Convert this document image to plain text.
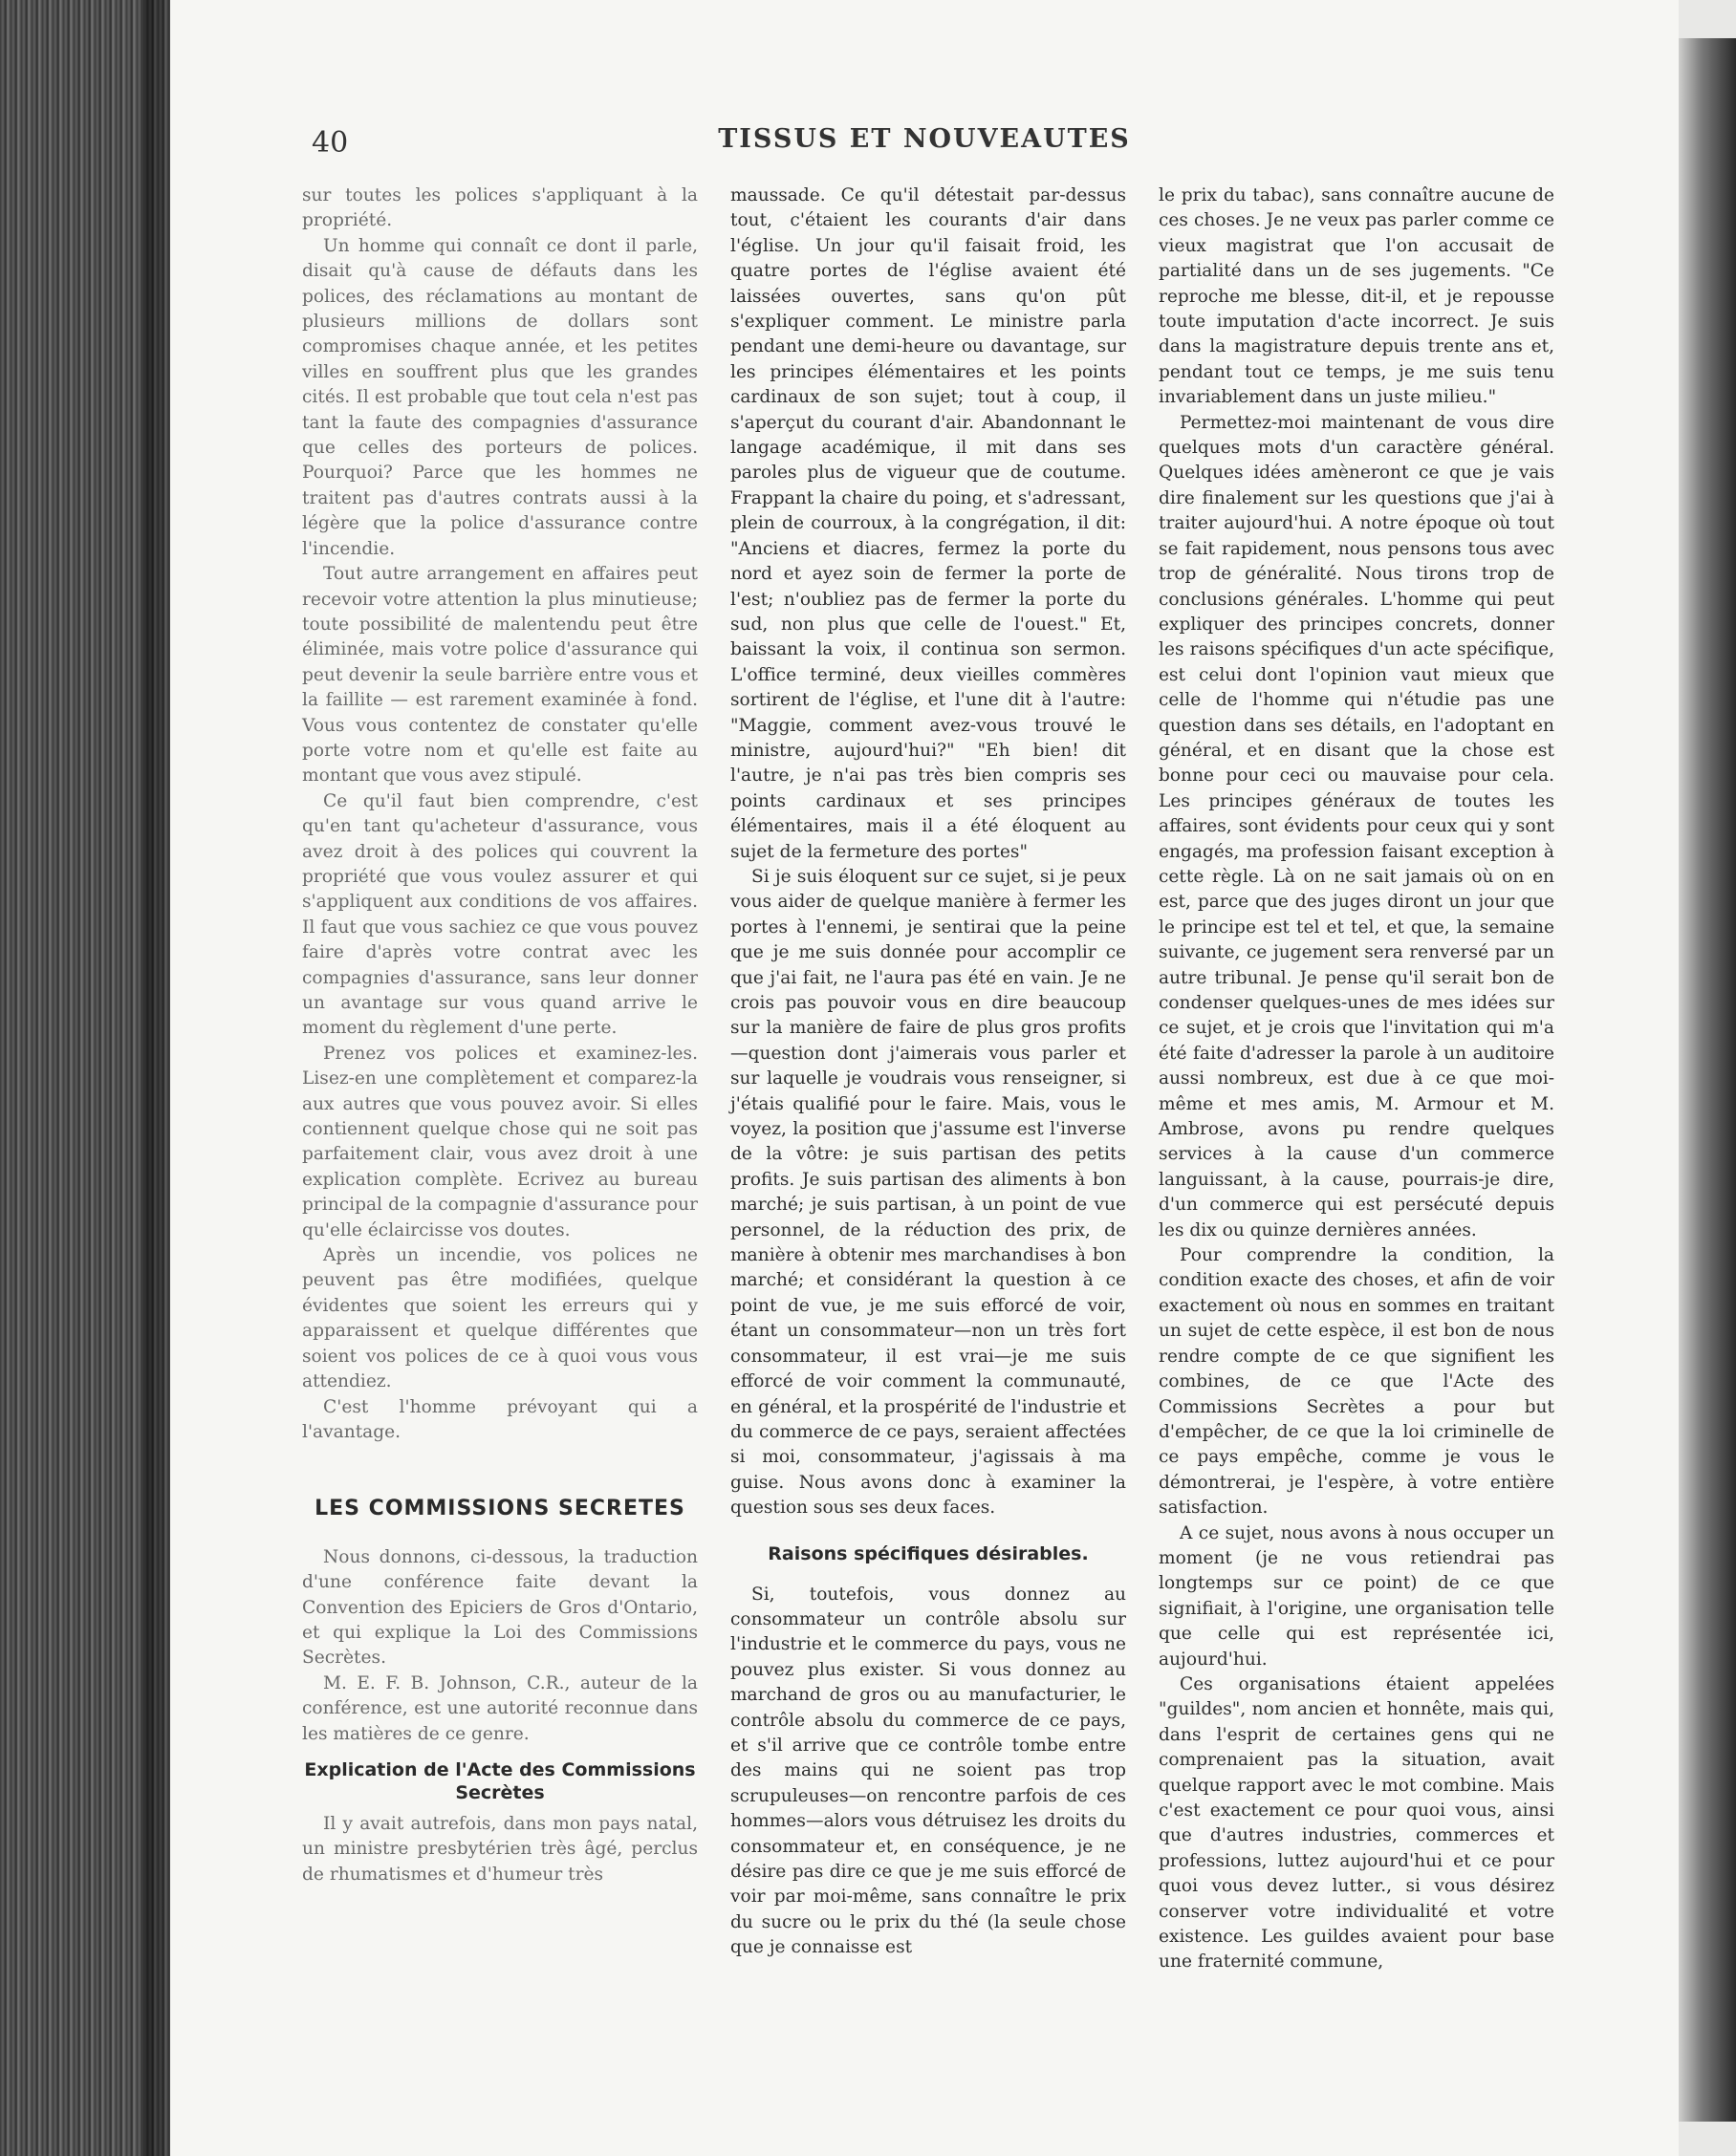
40	TISSUS ET NOUVEAUTES

sur toutes les polices s'appliquant à la propriété.

Un homme qui connaît ce dont il parle, disait qu'à cause de défauts dans les polices, des réclamations au montant de plusieurs millions de dollars sont compromises chaque année, et les petites villes en souffrent plus que les grandes cités. Il est probable que tout cela n'est pas tant la faute des compagnies d'assurance que celles des porteurs de polices. Pourquoi? Parce que les hommes ne traitent pas d'autres contrats aussi à la légère que la police d'assurance contre l'incendie.

Tout autre arrangement en affaires peut recevoir votre attention la plus minutieuse; toute possibilité de malentendu peut être éliminée, mais votre police d'assurance qui peut devenir la seule barrière entre vous et la faillite — est rarement examinée à fond. Vous vous contentez de constater qu'elle porte votre nom et qu'elle est faite au montant que vous avez stipulé.

Ce qu'il faut bien comprendre, c'est qu'en tant qu'acheteur d'assurance, vous avez droit à des polices qui couvrent la propriété que vous voulez assurer et qui s'appliquent aux conditions de vos affaires. Il faut que vous sachiez ce que vous pouvez faire d'après votre contrat avec les compagnies d'assurance, sans leur donner un avantage sur vous quand arrive le moment du règlement d'une perte.

Prenez vos polices et examinez-les. Lisez-en une complètement et comparez-la aux autres que vous pouvez avoir. Si elles contiennent quelque chose qui ne soit pas parfaitement clair, vous avez droit à une explication complète. Ecrivez au bureau principal de la compagnie d'assurance pour qu'elle éclaircisse vos doutes.

Après un incendie, vos polices ne peuvent pas être modifiées, quelque évidentes que soient les erreurs qui y apparaissent et quelque différentes que soient vos polices de ce à quoi vous vous attendiez.

C'est l'homme prévoyant qui a l'avantage.

LES COMMISSIONS SECRETES

Nous donnons, ci-dessous, la traduction d'une conférence faite devant la Convention des Epiciers de Gros d'Ontario, et qui explique la Loi des Commissions Secrètes.

M. E. F. B. Johnson, C.R., auteur de la conférence, est une autorité reconnue dans les matières de ce genre.

Explication de l'Acte des Commissions Secrètes

Il y avait autrefois, dans mon pays natal, un ministre presbytérien très âgé, perclus de rhumatismes et d'humeur très

maussade. Ce qu'il détestait par-dessus tout, c'étaient les courants d'air dans l'église. Un jour qu'il faisait froid, les quatre portes de l'église avaient été laissées ouvertes, sans qu'on pût s'expliquer comment. Le ministre parla pendant une demi-heure ou davantage, sur les principes élémentaires et les points cardinaux de son sujet; tout à coup, il s'aperçut du courant d'air. Abandonnant le langage académique, il mit dans ses paroles plus de vigueur que de coutume. Frappant la chaire du poing, et s'adressant, plein de courroux, à la congrégation, il dit: "Anciens et diacres, fermez la porte du nord et ayez soin de fermer la porte de l'est; n'oubliez pas de fermer la porte du sud, non plus que celle de l'ouest." Et, baissant la voix, il continua son sermon. L'office terminé, deux vieilles commères sortirent de l'église, et l'une dit à l'autre: "Maggie, comment avez-vous trouvé le ministre, aujourd'hui?" "Eh bien! dit l'autre, je n'ai pas très bien compris ses points cardinaux et ses principes élémentaires, mais il a été éloquent au sujet de la fermeture des portes"

Si je suis éloquent sur ce sujet, si je peux vous aider de quelque manière à fermer les portes à l'ennemi, je sentirai que la peine que je me suis donnée pour accomplir ce que j'ai fait, ne l'aura pas été en vain. Je ne crois pas pouvoir vous en dire beaucoup sur la manière de faire de plus gros profits—question dont j'aimerais vous parler et sur laquelle je voudrais vous renseigner, si j'étais qualifié pour le faire. Mais, vous le voyez, la position que j'assume est l'inverse de la vôtre: je suis partisan des petits profits. Je suis partisan des aliments à bon marché; je suis partisan, à un point de vue personnel, de la réduction des prix, de manière à obtenir mes marchandises à bon marché; et considérant la question à ce point de vue, je me suis efforcé de voir, étant un consommateur—non un très fort consommateur, il est vrai—je me suis efforcé de voir comment la communauté, en général, et la prospérité de l'industrie et du commerce de ce pays, seraient affectées si moi, consommateur, j'agissais à ma guise. Nous avons donc à examiner la question sous ses deux faces.

Raisons spécifiques désirables.

Si, toutefois, vous donnez au consommateur un contrôle absolu sur l'industrie et le commerce du pays, vous ne pouvez plus exister. Si vous donnez au marchand de gros ou au manufacturier, le contrôle absolu du commerce de ce pays, et s'il arrive que ce contrôle tombe entre des mains qui ne soient pas trop scrupuleuses—on rencontre parfois de ces hommes—alors vous détruisez les droits du consommateur et, en conséquence, je ne désire pas dire ce que je me suis efforcé de voir par moi-même, sans connaître le prix du sucre ou le prix du thé (la seule chose que je connaisse est

le prix du tabac), sans connaître aucune de ces choses. Je ne veux pas parler comme ce vieux magistrat que l'on accusait de partialité dans un de ses jugements. "Ce reproche me blesse, dit-il, et je repousse toute imputation d'acte incorrect. Je suis dans la magistrature depuis trente ans et, pendant tout ce temps, je me suis tenu invariablement dans un juste milieu."

Permettez-moi maintenant de vous dire quelques mots d'un caractère général. Quelques idées amèneront ce que je vais dire finalement sur les questions que j'ai à traiter aujourd'hui. A notre époque où tout se fait rapidement, nous pensons tous avec trop de généralité. Nous tirons trop de conclusions générales. L'homme qui peut expliquer des principes concrets, donner les raisons spécifiques d'un acte spécifique, est celui dont l'opinion vaut mieux que celle de l'homme qui n'étudie pas une question dans ses détails, en l'adoptant en général, et en disant que la chose est bonne pour ceci ou mauvaise pour cela. Les principes généraux de toutes les affaires, sont évidents pour ceux qui y sont engagés, ma profession faisant exception à cette règle. Là on ne sait jamais où on en est, parce que des juges diront un jour que le principe est tel et tel, et que, la semaine suivante, ce jugement sera renversé par un autre tribunal. Je pense qu'il serait bon de condenser quelques-unes de mes idées sur ce sujet, et je crois que l'invitation qui m'a été faite d'adresser la parole à un auditoire aussi nombreux, est due à ce que moi-même et mes amis, M. Armour et M. Ambrose, avons pu rendre quelques services à la cause d'un commerce languissant, à la cause, pourrais-je dire, d'un commerce qui est persécuté depuis les dix ou quinze dernières années.

Pour comprendre la condition, la condition exacte des choses, et afin de voir exactement où nous en sommes en traitant un sujet de cette espèce, il est bon de nous rendre compte de ce que signifient les combines, de ce que l'Acte des Commissions Secrètes a pour but d'empêcher, de ce que la loi criminelle de ce pays empêche, comme je vous le démontrerai, je l'espère, à votre entière satisfaction.

A ce sujet, nous avons à nous occuper un moment (je ne vous retiendrai pas longtemps sur ce point) de ce que signifiait, à l'origine, une organisation telle que celle qui est représentée ici, aujourd'hui.

Ces organisations étaient appelées "guildes", nom ancien et honnête, mais qui, dans l'esprit de certaines gens qui ne comprenaient pas la situation, avait quelque rapport avec le mot combine. Mais c'est exactement ce pour quoi vous, ainsi que d'autres industries, commerces et professions, luttez aujourd'hui et ce pour quoi vous devez lutter., si vous désirez conserver votre individualité et votre existence. Les guildes avaient pour base une fraternité commune,
